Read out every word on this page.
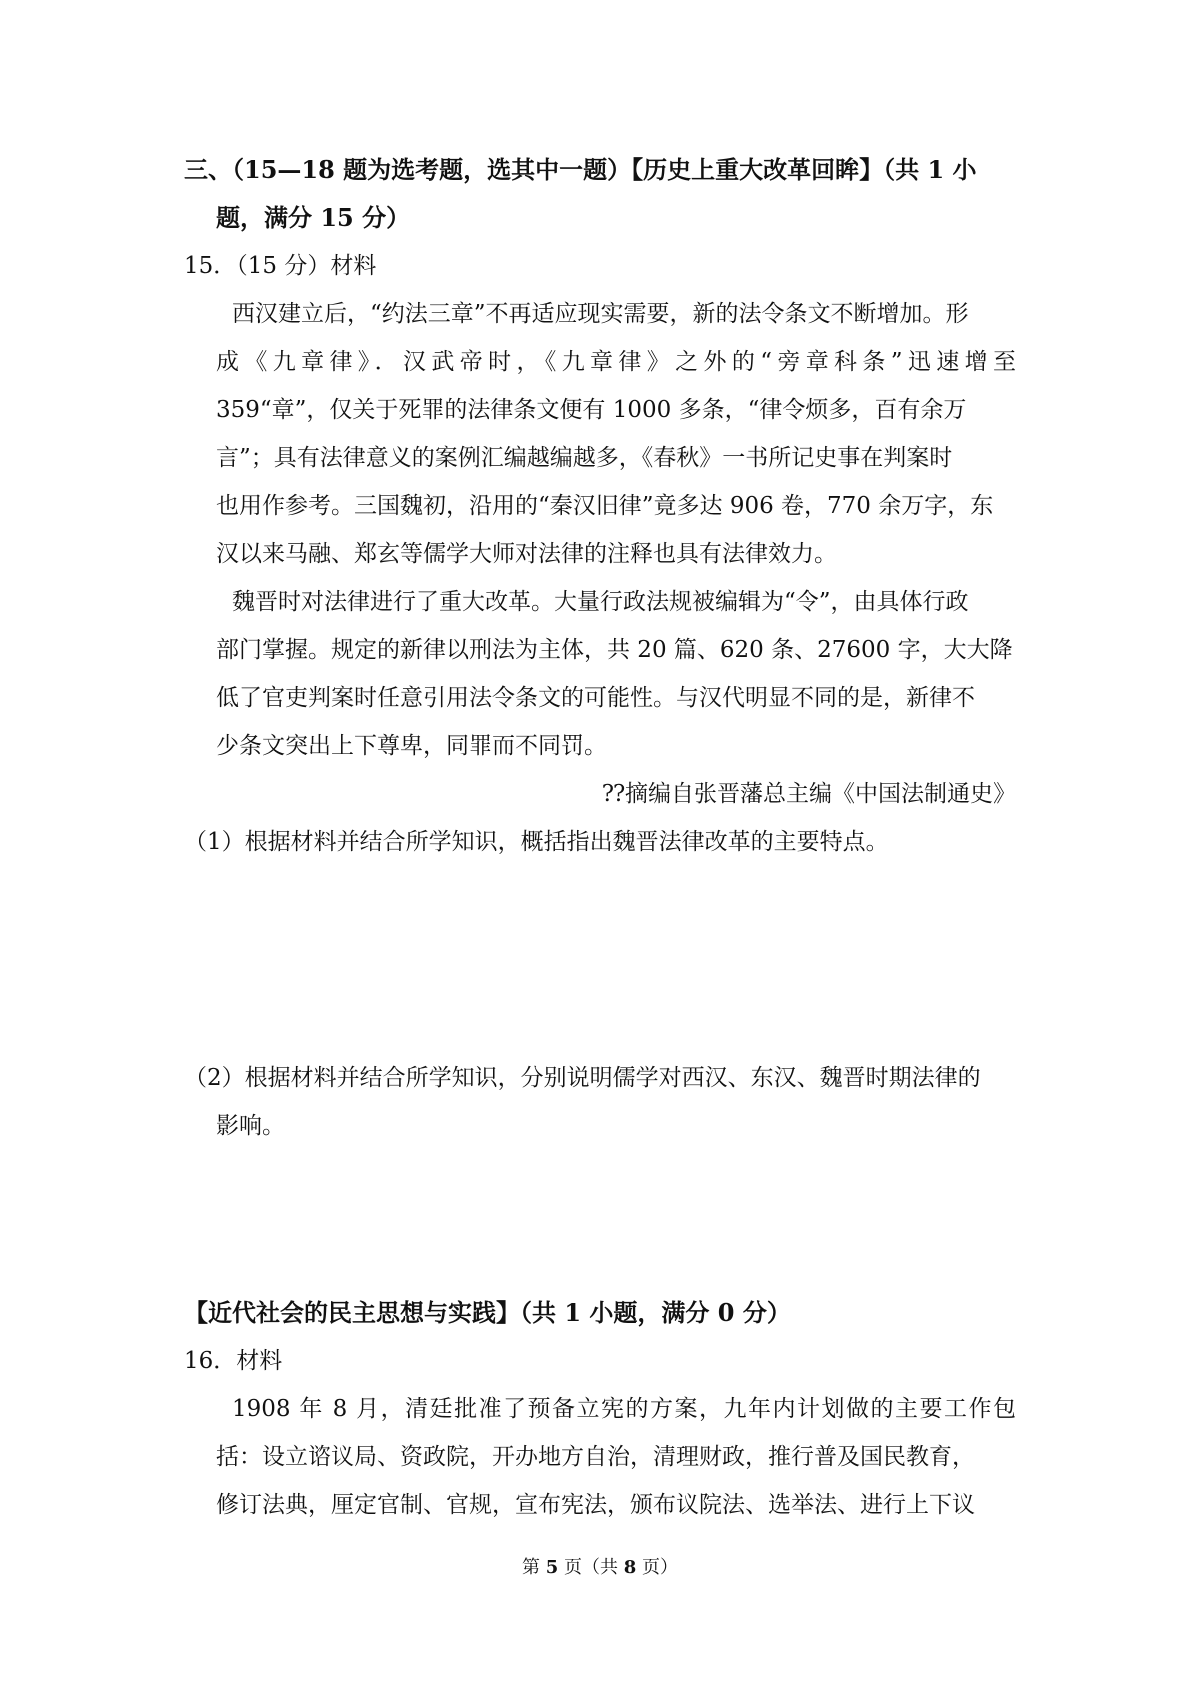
三、（15—18 题为选考题，选其中一题）【历史上重大改革回眸】（共 1 小
题，满分 15 分）
15．（15 分）材料
西汉建立后，“约法三章”不再适应现实需要，新的法令条文不断增加。形
成《九章律》．汉武帝时，《九章律》之外的“旁章科条”迅速增至
359“章”，仅关于死罪的法律条文便有 1000 多条，“律令烦多，百有余万
言”；具有法律意义的案例汇编越编越多，《春秋》一书所记史事在判案时
也用作参考。三国魏初，沿用的“秦汉旧律”竟多达 906 卷，770 余万字，东
汉以来马融、郑玄等儒学大师对法律的注释也具有法律效力。
魏晋时对法律进行了重大改革。大量行政法规被编辑为“令”，由具体行政
部门掌握。规定的新律以刑法为主体，共 20 篇、620 条、27600 字，大大降
低了官吏判案时任意引用法令条文的可能性。与汉代明显不同的是，新律不
少条文突出上下尊卑，同罪而不同罚。
⁇摘编自张晋藩总主编《中国法制通史》
（1）根据材料并结合所学知识，概括指出魏晋法律改革的主要特点。
（2）根据材料并结合所学知识，分别说明儒学对西汉、东汉、魏晋时期法律的
影响。
【近代社会的民主思想与实践】（共 1 小题，满分 0 分）
16．材料
1908 年 8 月，清廷批准了预备立宪的方案，九年内计划做的主要工作包
括：设立谘议局、资政院，开办地方自治，清理财政，推行普及国民教育，
修订法典，厘定官制、官规，宣布宪法，颁布议院法、选举法、进行上下议
第 5 页（共 8 页）
